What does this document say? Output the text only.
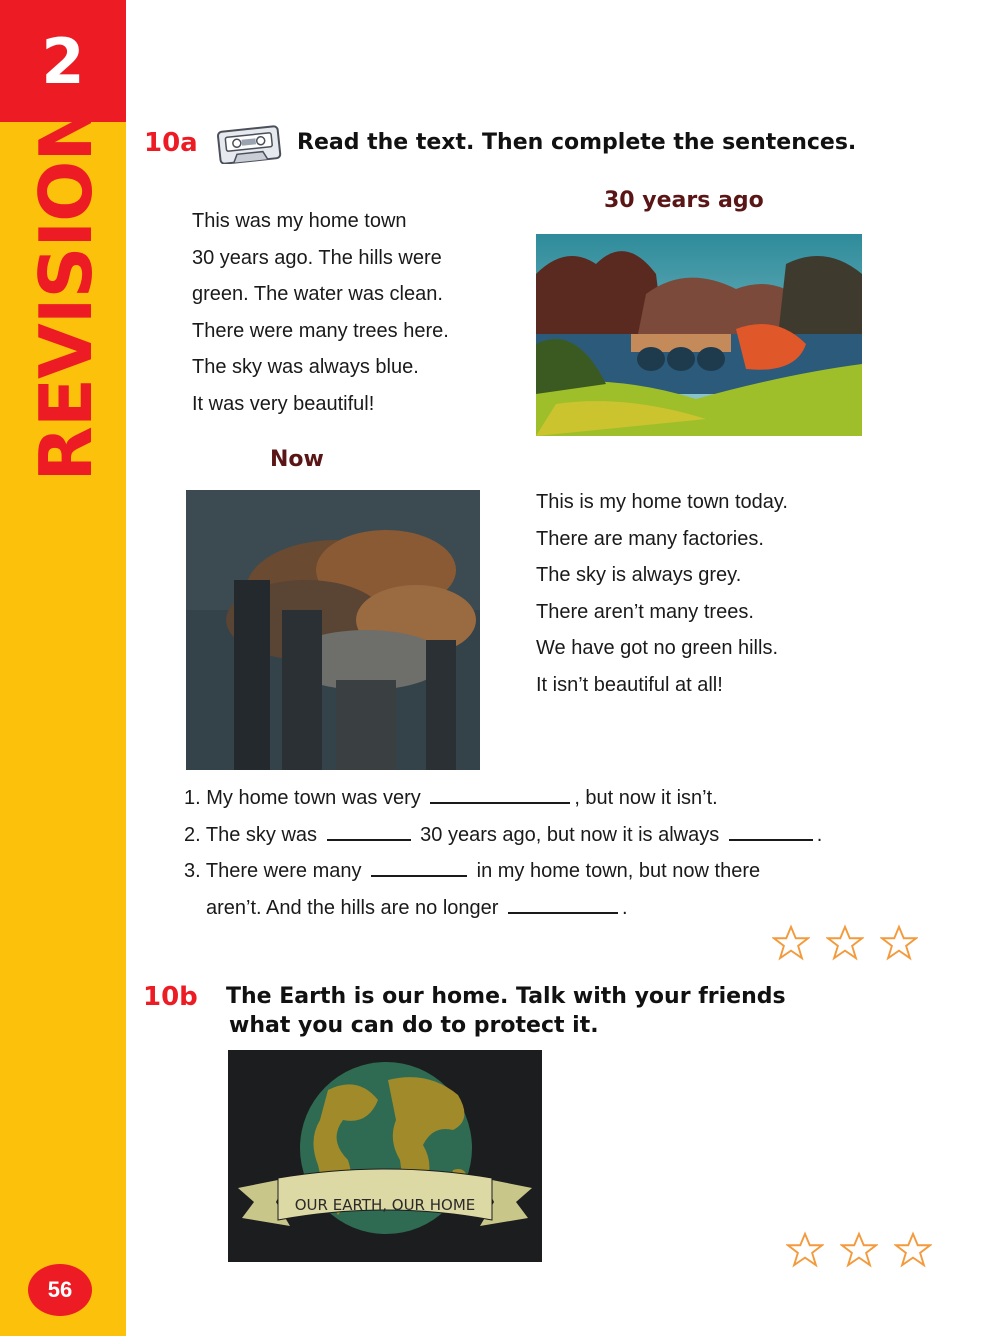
2
REVISION
56
10a	Read the text. Then complete the sentences.
This was my home town
30 years ago. The hills were
green. The water was clean.
There were many trees here.
The sky was always blue.
It was very beautiful!
30 years ago
Now
This is my home town today.
There are many factories.
The sky is always grey.
There aren’t many trees.
We have got no green hills.
It isn’t beautiful at all!
1. My home town was very	, but now it isn’t.
2. The sky was	30 years ago, but now it is always	.
3. There were many	in my home town, but now there
aren’t. And the hills are no longer	.
10b The Earth is our home. Talk with your friends
what you can do to protect it.
OUR EARTH, OUR HOME
